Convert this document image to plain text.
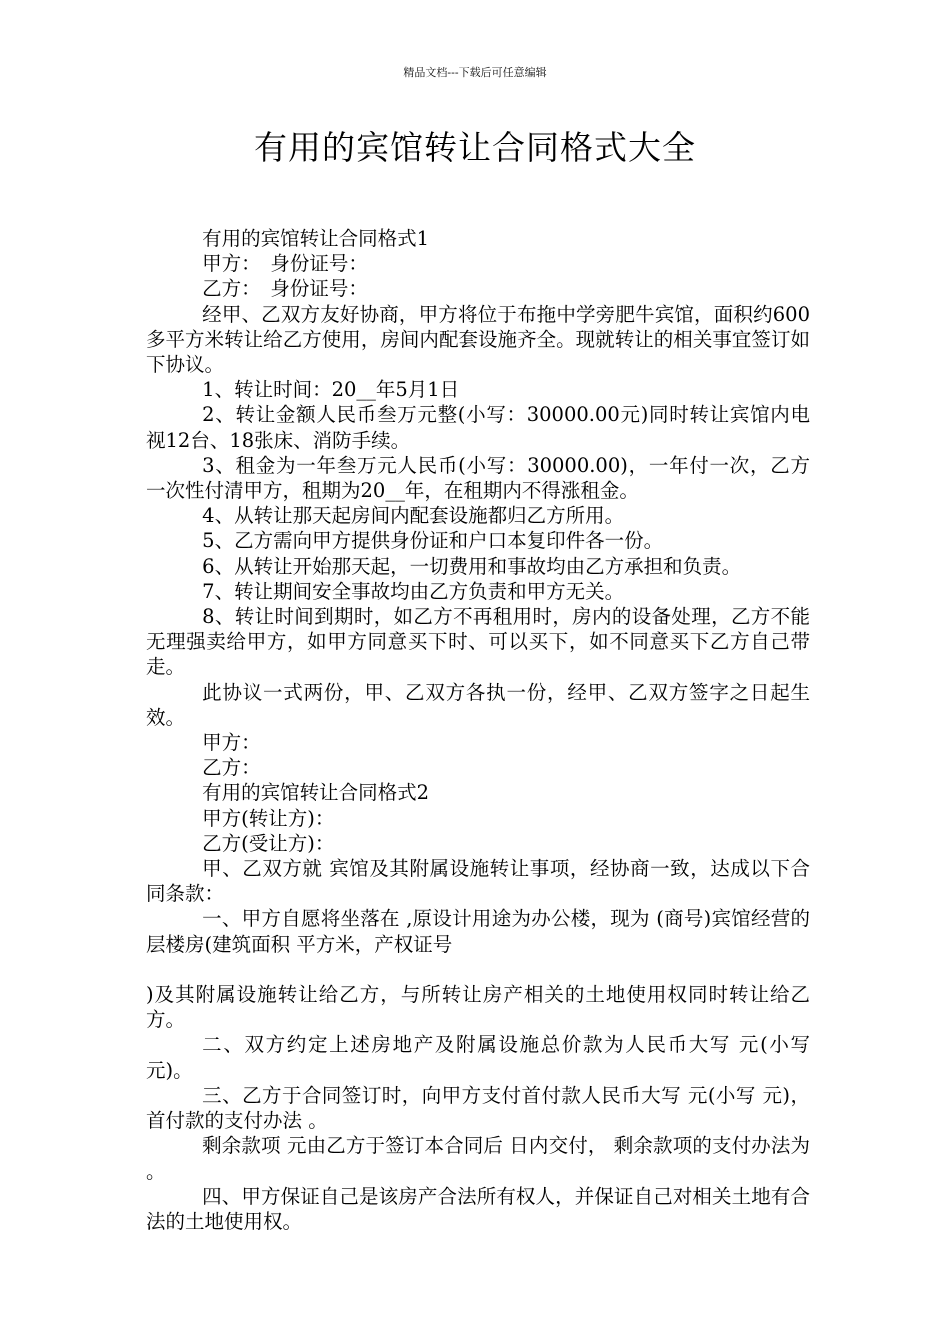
精品文档---下载后可任意编辑
有用的宾馆转让合同格式大全

有用的宾馆转让合同格式1

甲方：　身份证号：

乙方：　身份证号：

经甲、乙双方友好协商，甲方将位于布拖中学旁肥牛宾馆，面积约600多平方米转让给乙方使用，房间内配套设施齐全。现就转让的相关事宜签订如下协议。

1、转让时间：20__年5月1日

2、转让金额人民币叁万元整(小写：30000.00元)同时转让宾馆内电视12台、18张床、消防手续。

3、租金为一年叁万元人民币(小写：30000.00)，一年付一次，乙方一次性付清甲方，租期为20__年，在租期内不得涨租金。

4、从转让那天起房间内配套设施都归乙方所用。

5、乙方需向甲方提供身份证和户口本复印件各一份。

6、从转让开始那天起，一切费用和事故均由乙方承担和负责。

7、转让期间安全事故均由乙方负责和甲方无关。

8、转让时间到期时，如乙方不再租用时，房内的设备处理，乙方不能无理强卖给甲方，如甲方同意买下时、可以买下，如不同意买下乙方自己带走。

此协议一式两份，甲、乙双方各执一份，经甲、乙双方签字之日起生效。

甲方：

乙方：

有用的宾馆转让合同格式2

甲方(转让方)：

乙方(受让方)：

甲、乙双方就 宾馆及其附属设施转让事项，经协商一致，达成以下合同条款：

一、甲方自愿将坐落在 ,原设计用途为办公楼，现为 (商号)宾馆经营的 层楼房(建筑面积 平方米，产权证号

)及其附属设施转让给乙方，与所转让房产相关的土地使用权同时转让给乙方。

二、双方约定上述房地产及附属设施总价款为人民币大写 元(小写 元)。

三、乙方于合同签订时，向甲方支付首付款人民币大写 元(小写 元)，首付款的支付办法 。

剩余款项 元由乙方于签订本合同后 日内交付， 剩余款项的支付办法为 。

四、甲方保证自己是该房产合法所有权人，并保证自己对相关土地有合法的土地使用权。
